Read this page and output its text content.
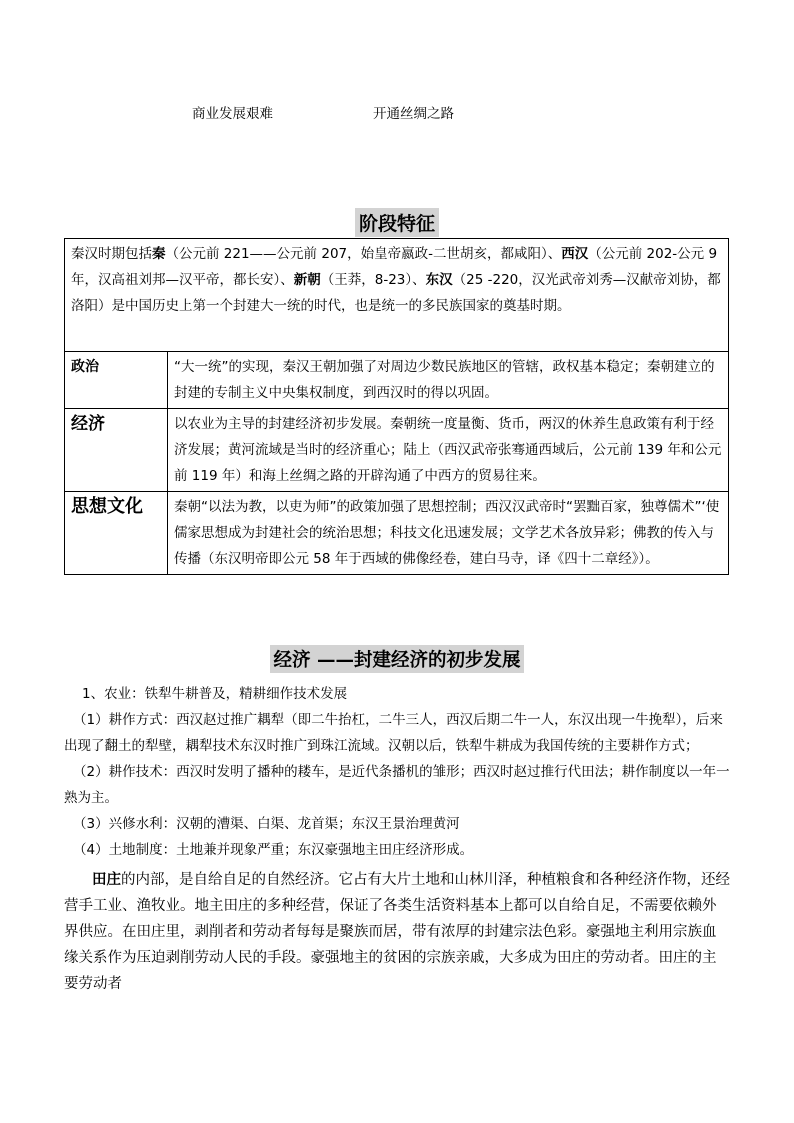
商业发展艰难	开通丝绸之路
阶段特征
秦汉时期包括秦（公元前 221——公元前 207，始皇帝嬴政-二世胡亥，都咸阳）、西汉（公元前 202-公元 9 年，汉高祖刘邦—汉平帝，都长安）、新朝（王莽，8-23）、东汉（25 -220，汉光武帝刘秀—汉献帝刘协，都洛阳）是中国历史上第一个封建大一统的时代，也是统一的多民族国家的奠基时期。	
政治	“大一统”的实现，秦汉王朝加强了对周边少数民族地区的管辖，政权基本稳定；秦朝建立的封建的专制主义中央集权制度，到西汉时的得以巩固。
经济	以农业为主导的封建经济初步发展。秦朝统一度量衡、货币，两汉的休养生息政策有利于经济发展；黄河流域是当时的经济重心；陆上（西汉武帝张骞通西域后，公元前 139 年和公元前 119 年）和海上丝绸之路的开辟沟通了中西方的贸易往来。
思想文化	秦朝“以法为教，以吏为师”的政策加强了思想控制；西汉汉武帝时“罢黜百家，独尊儒术”‘使儒家思想成为封建社会的统治思想；科技文化迅速发展；文学艺术各放异彩；佛教的传入与传播（东汉明帝即公元 58 年于西域的佛像经卷，建白马寺，译《四十二章经》）。
经济 ——封建经济的初步发展

1、农业：铁犁牛耕普及，精耕细作技术发展

（1）耕作方式：西汉赵过推广耦犁（即二牛抬杠，二牛三人，西汉后期二牛一人，东汉出现一牛挽犁），后来出现了翻土的犁壁，耦犁技术东汉时推广到珠江流域。汉朝以后，铁犁牛耕成为我国传统的主要耕作方式；

（2）耕作技术：西汉时发明了播种的耧车，是近代条播机的雏形；西汉时赵过推行代田法；耕作制度以一年一熟为主。

（3）兴修水利：汉朝的漕渠、白渠、龙首渠；东汉王景治理黄河

（4）土地制度：土地兼并现象严重；东汉豪强地主田庄经济形成。

田庄的内部，是自给自足的自然经济。它占有大片土地和山林川泽，种植粮食和各种经济作物，还经营手工业、渔牧业。地主田庄的多种经营，保证了各类生活资料基本上都可以自给自足，不需要依赖外界供应。在田庄里，剥削者和劳动者每每是聚族而居，带有浓厚的封建宗法色彩。豪强地主利用宗族血缘关系作为压迫剥削劳动人民的手段。豪强地主的贫困的宗族亲戚，大多成为田庄的劳动者。田庄的主要劳动者
